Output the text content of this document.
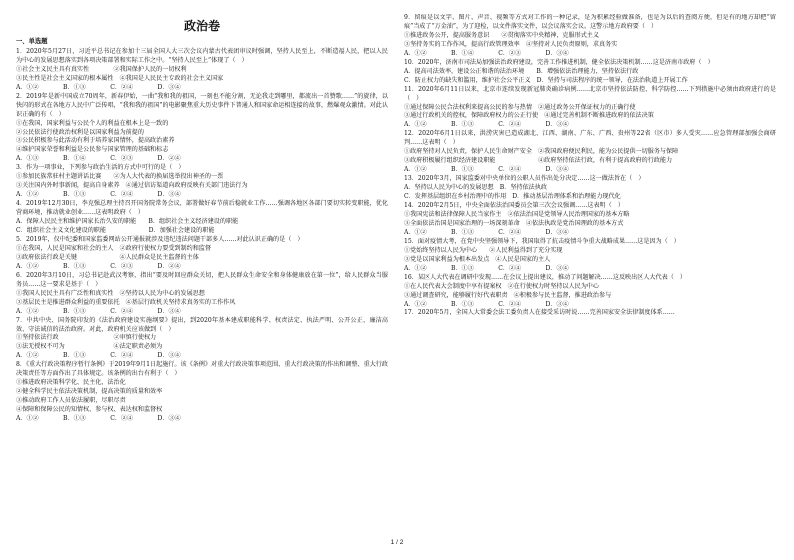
政治卷
一、单选题
1．2020年5月27日，习近平总书记在参加十三届全国人大三次会议内蒙古代表团审议时强调，坚持人民至上，不断造福人民，把以人民为中心的发展思想落实到各项决策部署和实际工作之中。“坚持人民至上”体现了（　）
①社会主义民主具有真实性　　　　②我国保护人民的一切权利
③民主性是社会主义国家的根本属性　④我国是人民民主专政的社会主义国家
A．①②　　　　B．①③　　　　C．②④　　　　D．③④
2．2019年是新中国成立70周年，新春伊始，一曲“我和我的祖国，一刻也不能分割，无论我走到哪里，都流出一首赞歌……”的旋律，以快闪的形式在各地方人民中广泛传唱，“我和我的祖国”的电影聚焦重大历史事件下普通人和国家命运相连接的故事，燃爆观众激情。对此认识正确的有（　）
①在我国，国家利益与公民个人的利益在根本上是一致的
②公民依法行使政治权利是以国家利益为前提的
③公民积极参与此活动有利于培养家国情怀，提高政治素养
④维护国家荣誉和利益是公民参与国家管理的基础和标志
A．①③　　　　B．①④　　　　C．②③　　　　D．②④
3．作为一项事业，下列参与政治生活的方式中可行的是（　）
①参加民族常驻村主题讲话比赛　　②为人大代表的换届选举投出神圣的一票
③关注国内外时事新闻，提高自身素养　④通过信访渠道向政府反映有关部门违法行为
A．①②　　　　B．①③　　　　C．②④　　　　D．③④
4．2019年12月30日，李克强总理主持召开国务院常务会议，部署做好春节前后稳就业工作……强调各地区各部门要切实转变职能，优化营商环境，推动就业创业……这表明政府（　）
A．保障人民民主和维护国家长治久安的职能　　B．组织社会主义经济建设的职能
C．组织社会主义文化建设的职能　　　　　　　D．加强社会建设的职能
5．2019年，仅中纪委和国家监委网站公开通报就涉及违纪违法问题干部多人……对此认识正确的是（　）
①在我国，人民是国家和社会的主人　②政府行使权力要受到制约和监督
③政府依法行政是关键　　　　　　　④人民群众是民主监督的主体
A．①②　　　　B．①③　　　　C．②③　　　　D．②④
6．2020年3月10日，习总书记赴武汉考察，指出“要及时回应群众关切，把人民群众生命安全和身体健康放在第一位”，给人民群众当服务员……这一要求是基于（　）
①我国人民民主具有广泛性和真实性　②坚持以人民为中心的发展思想
③基层民主是推进群众利益的重要依托　④基层行政机关坚持求真务实的工作作风
A．①②　　　　B．①③　　　　C．②④　　　　D．③④
7．中共中央、国务院印发的《法治政府建设实施纲要》提出，到2020年基本建成职能科学、权责法定、执法严明、公开公正、廉洁高效、守法诚信的法治政府。对此，政府机关应该做到（　）
①坚持依法行政　　　　　　　　　②审慎行使权力
③法无授权不可为　　　　　　　　④法定职责必须为
A．①②　　　　B．①③　　　　C．②④　　　　D．③④
8．《重大行政决策程序暂行条例》于2019年9月1日起施行。该《条例》对重大行政决策事项范围、重大行政决策的作出和调整、重大行政决策责任等方面作出了具体规定。该条例的出台有利于（　）
①推进政府决策科学化、民主化、法治化
②健全科学民主依法决策机制，提高决策的质量和效率
③推动政府工作人员依法履职，尽职尽责
④保障和保障公民的知情权、参与权、表达权和监督权
A．①②　　　　B．①③　　　　C．②④　　　　D．③④
9．留痕是以文字、图片、声音、视频等方式对工作的一种记录，是为积累经验做准备，也是为以后的查阅方便，但是有的地方却把“留痕”当成了“万金油”，为了迎检，以文件落实文件，以会议落实会议。这警示地方政府要（　）
①推进政务公开，提高服务意识　　②贯彻落实中央精神，克服形式主义
③坚持务实的工作作风，提高行政管理效率　④坚持对人民负责原则，求真务实
A．①②　　　　B．①④　　　　C．②③　　　　D．③④
10．2020年，济南市司法局加强法治政府建设，完善工作推进机制，健全依法决策机制……这是济南市政府（　）
A．提高司法效率，建设公正和谐的法治环境　　B．增强依法治理能力，坚持依法行政
C．防止权力的缺失和滥用，维护社会公平正义　D．坚持与司法程序的统一领导，在法治轨道上开展工作
11．2020年6月11日以来，北京市连续发现新冠肺炎确诊病例……北京市坚持依法防控、科学防控……下列措施中必须由政府进行的是（　）
①通过保障公民合法权利来提高公民的参与热情　②通过政务公开保证权力的正确行使
③通过行政机关的控权，保障政府权力的公正行使　④通过完善机制不断推进政府的依法决策
A．①②　　　　B．①③　　　　C．②④　　　　D．③④
12．2020年6月1日以来，洪涝灾害已造成湖北、江西、湖南、广东、广西、贵州等22省（区市）多人受灾……应急管理部加强会商研判……这表明（　）
①政府坚持对人民负责，保护人民生命财产安全　②我国政府便民利民，能为公民提供一切服务与保障
③政府积极履行组织经济建设职能　　　　　　　④政府坚持依法行政，有利于提高政府的行政能力
A．①②　　　　B．①③　　　　C．②④　　　　D．③④
13．2020年3月，国家监委对中央单位的公职人员作出处分决定……这一做法旨在（　）
A．坚持以人民为中心的发展思想　B．坚持依法执政
C．发挥基层组织在乡村治理中的作用　D．推动基层治理体系和治理能力现代化
14．2020年2月5日，中央全面依法治国委员会第三次会议强调……这表明（　）
①我国宪法和法律保障人民当家作主　②依法治国是党领导人民治理国家的基本方略
③全面依法治国是国家治理的一场深刻革命　④依法执政是党治国理政的基本方式
A．①②　　　　B．①③　　　　C．②④　　　　D．③④
15．面对疫情大考，在党中央坚强领导下，我国取得了抗击疫情斗争重大战略成果……这是因为（　）
①党始终坚持以人民为中心　　②人民利益得到了充分实现
③党是以国家利益为根本出发点　④人民是国家的主人
A．①②　　　　B．①③　　　　C．②④　　　　D．③④
16．某区人大代表在调研中发现……在会议上提出建议，推动了问题解决……这反映出区人大代表（　）
①在人民代表大会制度中享有提案权　②在行使权力时坚持以人民为中心
③通过调查研究，能够履行好代表职责　④积极参与民主监督，推进政治参与
A．①②　　　　B．①③　　　　C．②④　　　　D．③④
17．2020年5月，全国人大常委会法工委负责人在接受采访时说……完善国家安全法律制度体系……
1 / 2
